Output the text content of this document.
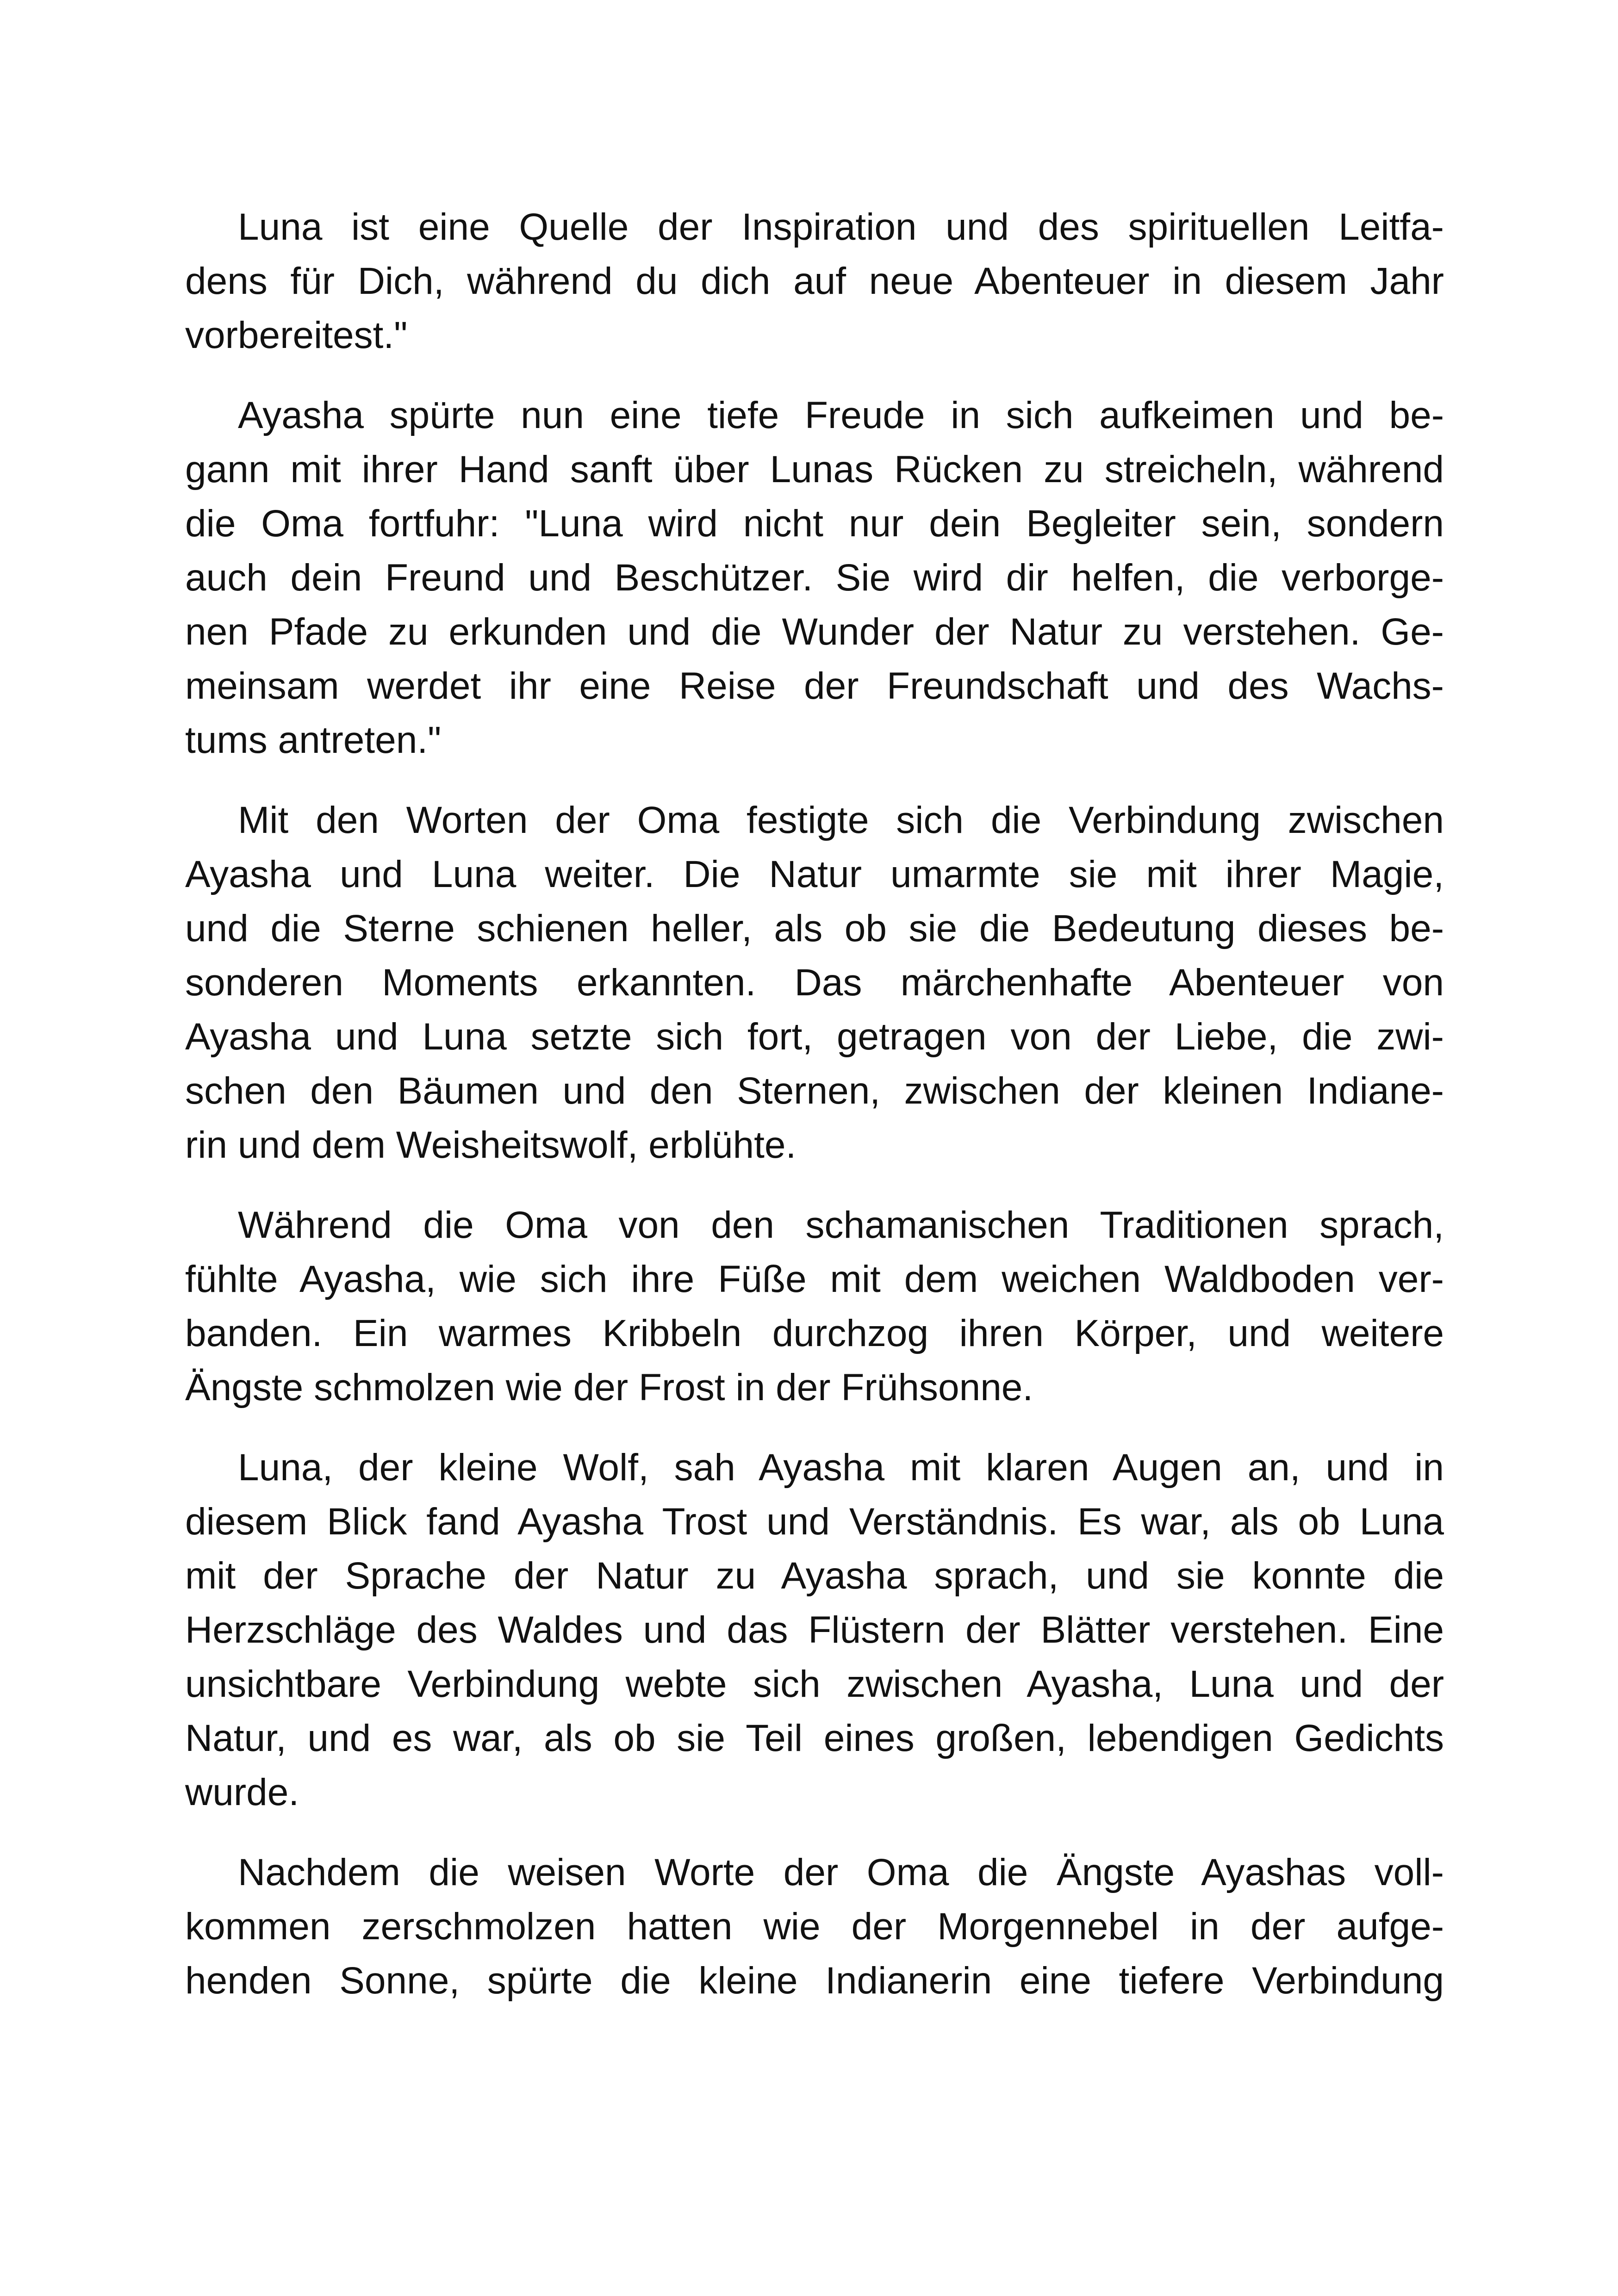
Luna ist eine Quelle der Inspiration und des spirituellen Leitfa-
dens für Dich, während du dich auf neue Abenteuer in diesem Jahr
vorbereitest."
Ayasha spürte nun eine tiefe Freude in sich aufkeimen und be-
gann mit ihrer Hand sanft über Lunas Rücken zu streicheln, während
die Oma fortfuhr: "Luna wird nicht nur dein Begleiter sein, sondern
auch dein Freund und Beschützer. Sie wird dir helfen, die verborge-
nen Pfade zu erkunden und die Wunder der Natur zu verstehen. Ge-
meinsam werdet ihr eine Reise der Freundschaft und des Wachs-
tums antreten."
Mit den Worten der Oma festigte sich die Verbindung zwischen
Ayasha und Luna weiter. Die Natur umarmte sie mit ihrer Magie,
und die Sterne schienen heller, als ob sie die Bedeutung dieses be-
sonderen Moments erkannten. Das märchenhafte Abenteuer von
Ayasha und Luna setzte sich fort, getragen von der Liebe, die zwi-
schen den Bäumen und den Sternen, zwischen der kleinen Indiane-
rin und dem Weisheitswolf, erblühte.
Während die Oma von den schamanischen Traditionen sprach,
fühlte Ayasha, wie sich ihre Füße mit dem weichen Waldboden ver-
banden. Ein warmes Kribbeln durchzog ihren Körper, und weitere
Ängste schmolzen wie der Frost in der Frühsonne.
Luna, der kleine Wolf, sah Ayasha mit klaren Augen an, und in
diesem Blick fand Ayasha Trost und Verständnis. Es war, als ob Luna
mit der Sprache der Natur zu Ayasha sprach, und sie konnte die
Herzschläge des Waldes und das Flüstern der Blätter verstehen. Eine
unsichtbare Verbindung webte sich zwischen Ayasha, Luna und der
Natur, und es war, als ob sie Teil eines großen, lebendigen Gedichts
wurde.
Nachdem die weisen Worte der Oma die Ängste Ayashas voll-
kommen zerschmolzen hatten wie der Morgennebel in der aufge-
henden Sonne, spürte die kleine Indianerin eine tiefere Verbindung
